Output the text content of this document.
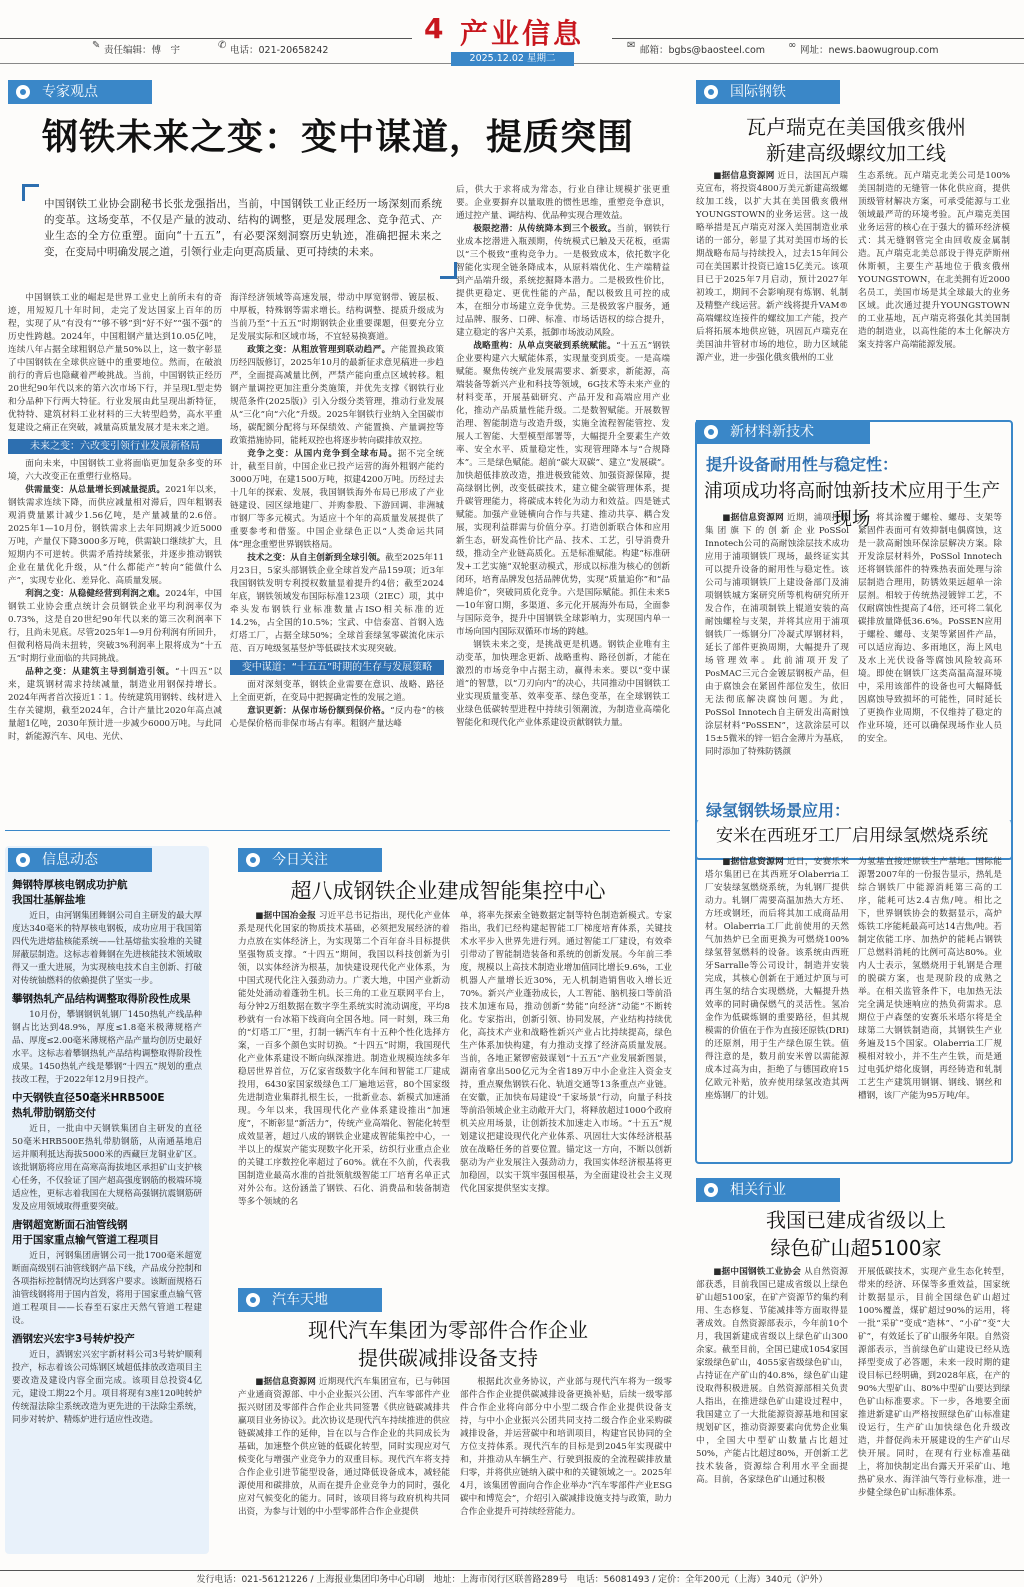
✎ 责任编辑：傅　宇	✆ 电话：021-20658242
4 产业信息
2025.12.02 星期二
✉ 邮箱：bgbs@baosteel.com ∞ 网址：news.baowugroup.com
专家观点
钢铁未来之变：变中谋道，提质突围
中国钢铁工业协会副秘书长张龙强指出，当前，中国钢铁工业正经历一场深刻而系统的变革。这场变革，不仅是产量的波动、结构的调整，更是发展理念、竞争范式、产业生态的全方位重塑。面向“十五五”，有必要深刻洞察历史轨迹，准确把握未来之变，在变局中明确发展之道，引领行业走向更高质量、更可持续的未来。

中国钢铁工业的崛起是世界工业史上前所未有的奇迹，用短短几十年时间，走完了发达国家上百年的历程，实现了从“有没有”“够不够”到“好不好”“强不强”的历史性跨越。2024年，中国粗钢产量达到10.05亿吨，连续八年占据全球粗钢总产量50%以上，这一数字彰显了中国钢铁在全球供应链中的重要地位。然而，在破浪前行的背后也隐藏着严峻挑战。当前，中国钢铁正经历20世纪90年代以来的第六次市场下行，并呈现L型走势和分品种下行两大特征。行业发展由此呈现出新特征，优特特、建筑材料工业材料的三大转型趋势，高水平重复建设之痛正在突破，减量高质量发展才是未来之道。

未来之变：六改变引领行业发展新格局

面向未来，中国钢铁工业将面临更加复杂多变的环境，六大改变正在重塑行业格局。

供需量变：从总量增长到减量提质。2021年以来，钢铁需求连续下降，而供应减量相对滞后，四年粗钢表观消费量累计减少1.56亿吨，是产量减量的2.6倍。2025年1—10月份，钢铁需求上去年同期减少近5000万吨，产量仅下降3000多万吨，供需缺口继续扩大，且短期内不可逆转。供需矛盾持续紧张，并逐步推动钢铁企业在量优化升级，从“什么都能产”转向“能做什么产”，实现专业化、差异化、高质量发展。

利润之变：从稳健经营到利润之难。2024年，中国钢铁工业协会重点统计会员钢铁企业平均利润率仅为0.73%，这是自20世纪90年代以来的第三次利润率下行，且尚未见底。尽管2025年1—9月份利润有所回升，但微利格局尚未扭转，突破3%利润率上限将成为“十五五”时期行业面临的共同挑战。

品种之变：从建筑主导到制造引领。“十四五”以来，建筑钢材需求持续减量，制造业用钢保持增长。2024年两者首次接近1∶1。传统建筑用钢转、线材进入生存关键期，截至2024年，合计产量比2020年高点减量超1亿吨，2030年预计进一步减少6000万吨。与此同时，新能源汽车、风电、光伏、

海洋经济领域等高速发展，带动中厚宽钢带、镀层板、中厚板，特殊钢等需求增长。结构调整、提质升级成为当前乃至“十五五”时期钢铁企业重要课题，但要充分立足发展实际和区域市场，不宜轻易换赛道。

政策之变：从粗放管理到联动趋严。产能置换政策历经四版修订，2025年10月的最新征求意见稿进一步趋严，全面提高减量比例，严禁产能向重点区域转移。粗钢产量调控更加注重分类施策，并优先支撑《钢铁行业规范条件(2025版)》引入分级分类管理，推动行业发展从“三化”向“六化”升级。2025年钢铁行业纳入全国碳市场，碳配额分配将与环保绩效、产能置换、产量调控等政策措施协同，能耗双控也将逐步转向碳排放双控。

竞争之变：从国内竞争到全球布局。据不完全统计，截至目前，中国企业已投产运营的海外粗钢产能约3000万吨，在建1500万吨，拟建4200万吨。历经过去十几年的探索、发展，我国钢铁海外布局已形成了产业链建设、园区绿地建厂、并购参股、下游回调、非洲城市钢厂等多元模式。为适应十个年的高质量发展提供了重要参考和借鉴。中国企业绿色正以“人类命运共同体”理念重塑世界钢铁格局。

技术之变：从自主创新到全球引领。截至2025年11月23日，5家头部钢铁企业全球首发产品159项；近3年我国钢铁发明专利授权数量显着提升约4倍；截至2024年底，钢铁领域发布国际标准123项（2IEC）项，其中牵头发布钢铁行业标准数量占ISO相关标准的近14.2%，占全国的10.5%；宝武、中信泰富、首钢入选灯塔工厂，占据全球50%；全球首套绿氢零碳流化床示范、百万吨级氢基竖炉等低碳技术实现突破。

变中谋道：“十五五”时期的生存与发展策略

面对深刻变革，钢铁企业需要在意识、战略、路径上全面更新，在变局中把握确定性的发展之道。

意识更新：从保市场份额到保价格。“反内卷”的核心是保价格而非保市场占有率。粗钢产量达峰

后，供大于求将成为常态，行业自律让规模扩张更重要。企业要摒弃以量取胜的惯性思维，重塑竞争意识，通过控产量、调结构、优品种实现合理效益。

极限挖潜：从传统降本到三个极致。当前，钢铁行业成本挖潜进入瓶颈期，传统模式已触及天花板，亟需以“三个极致”重构竞争力。一是极致成本，依托数字化智能化实现全链条降成本，从原料端优化、生产端精益到产品端升级，系统挖掘降本潜力。二是极致性价比，提供更稳定、更优性能的产品，配以极致且可控的成本，在细分市场建立竞争优势。三是极致客户服务，通过品牌、服务、口碑、标准、市场话语权的综合提升，建立稳定的客户关系，抵御市场波动风险。

战略重构：从单点突破到系统赋能。“十五五”钢铁企业要构建六大赋能体系，实现量变到质变。一是高端赋能。聚焦传统产业发展需要求、新要求，新能源，高端装备等新兴产业和科技等领域，6G技术等未来产业的材料变革，开展基础研究、产品开发和高端应用产业化，推动产品质量性能升级。二是数智赋能。开展数智治理、智能制造与改造升级，实施全流程智能管控、发展人工智能、大型模型部署等，大幅提升全要素生产效率、安全水平、质量稳定性，实现管理降本与“合规降本”。三是绿色赋能。超前“碳大双碳”、建立“发展碳”。加快超低排放改造，推进极致能效、加强资源保障，提高绿钢比例，改变低碳技术，建立健全碳管理体系，提升碳管理能力，将碳成本转化为动力和效益。四是链式赋能。加强产业链横向合作与共建、推动共享、耦合发展，实现利益群需与价值分享。打造创新联合体和应用新生态，研发高性价比产品、技术、工艺，引导消费升级，推动全产业链高质化。五是标准赋能。构建“标准研发+工艺实施”双轮驱动模式，形成以标准为核心的创新闭环，培育品牌发包括品牌优势，实现“质量追你”和“品牌追价”，突破同质化竞争。六是国际赋能。抓住未来5—10年窗口期，多渠道、多元化开展海外布局，全面参与国际竞争，提升中国钢铁全球影响力，实现国内单一市场向国内国际双循环市场的跨越。

钢铁未来之变，是挑战更是机遇。钢铁企业唯有主动变革，加快理念更新、战略重构、路径创新，才能在激烈的市场竞争中占据主动，赢得未来。要以“变中谋道”的智慧，以“刀刃向内”的决心，共同推动中国钢铁工业实现质量变革、效率变革、绿色变革，在全球钢铁工业绿色低碳转型进程中持续引领潮流，为制造业高端化智能化和现代化产业体系建设贡献钢铁力量。

国际钢铁
瓦卢瑞克在美国俄亥俄州
新建高级螺纹加工线

■据信息资源网 近日，法国瓦卢瑞克宣布，将投资4800万美元新建高级螺纹加工线，以扩大其在美国俄亥俄州YOUNGSTOWN的业务运营。这一战略举措是瓦卢瑞克对深入美国制造业承诺的一部分，彰显了其对美国市场的长期战略布局与持续投入，过去15年间公司在美国累计投资已逾15亿美元。该项目已于2025年7月启动，预计2027年初竣工，期间不会影响现有炼钢、轧制及精整产线运营。新产线将提升VAM®高端螺纹连接件的螺纹加工产能，投产后将拓展本地供应链，巩固瓦卢瑞克在美国油井管材市场的地位，助力区域能源产业，进一步强化俄亥俄州的工业

生态系统。瓦卢瑞克北美公司是100%美国制造的无缝管一体化供应商，提供顶级管材解决方案，可承受能源与工业领域最严苛的环境考验。瓦卢瑞克美国业务运营的核心在于强大的循环经济模式：其无缝钢管完全由回收废金属制造。瓦卢瑞克北美总部设于得克萨斯州休斯顿，主要生产基地位于俄亥俄州YOUNGSTOWN，在北美拥有近2000名员工，美国市场是其全球最大的业务区域。此次通过提升YOUNGSTOWN的工业基地，瓦卢瑞克将强化其美国制造的制造业，以高性能的本土化解决方案支持客户高端能源发展。

新材料新技术
提升设备耐用性与稳定性：
浦项成功将高耐蚀新技术应用于生产现场

■据信息资源网 近期，浦项控股集团旗下的创新企业PoSSol Innotech公司的高耐蚀涂层技术成功应用于浦项钢铁厂现场，最终证实其可以提升设备的耐用性与稳定性。该公司与浦项钢铁厂上建设备部门及浦项钢铁城方案研究所等机构研究所开发合作，在浦项制铁上辊道安装的高耐蚀螺栓与支架，并将其应用于浦项钢铁厂一炼钢分厂冷凝式厚钢材料，延长了部件更换周期，大幅提升了现场管理效率。此前浦项开发了PosMAC三元合金镀层钢板产品，但由于腐蚀会在紧固件部位发生，依旧无法彻底解决腐蚀问题。为此，PoSSol Innotech自主研发出高耐蚀涂层材料“PoSSEN”，这款涂层可以15±5微米的锌一铝合金薄片为基底，同时添加了特殊防锈颜

料，将其涂覆于螺栓、螺母、支架等紧固件表面可有效抑制电偶腐蚀，这是一款高耐蚀环保涂层解决方案。除开发涂层材料外，PoSSol Innotech还将钢铁部件的特殊热表面处理与涂层制造合理用，防锈效果远超单一涂层剂。相较于传统热浸镀锌工艺，不仅耐腐蚀性提高了4倍，还可将二氧化碳排放量降低36.6%。PoSSEN应用于螺栓、螺母、支架等紧固件产品，可以适应海边、多雨地区，海上风电及水上光伏设备等腐蚀风险较高环境。即使在钢铁厂这类高温高湿环境中，采用该部件的设备也可大幅降低因腐蚀导致损坏的可能性，同时延长了更换作业周期，不仅维持了稳定的作业环境，还可以确保现场作业人员的安全。

绿氢钢铁场景应用：
安米在西班牙工厂启用绿氢燃烧系统

■据信息资源网 近日，安赛乐米塔尔集团已在其西班牙Olaberria工厂安装绿氢燃烧系统，为轧钢厂提供动力。轧钢厂需要高温加热大方坯、方坯或钢坯，而后将其加工成商品用材。Olaberria工厂此前使用的天然气加热炉已全面更换为可燃烧100%绿氢替氢燃料的设备。该系统由西班牙Sarralle等公司设计，制造并安装完成，其核心创新在于通过炉顶与可再生氢的结合实现燃烧，大幅提升热效率的同时确保燃气的灵活性。氢冶金作为低碳炼钢的重要路径，但其规模需的价值在于作为直接还原铁(DRI)的还原剂，用于生产绿色原生铁。值得注意的是，数月前安米曾以需能源成本过高为由，拒绝了与德国政府15亿欧元补贴，放弃使用绿氢改造其两座炼钢厂的计划。

为氢基直接还原铁生产基地。国际能源署2007年的一份报告显示，热轧是综合钢铁厂中能源消耗第三高的工序，能耗可达2.4吉焦/吨。相比之下，世界钢铁协会的数据显示，高炉炼铁工序能耗最高可达14吉焦/吨。若制定依能工序、加热炉的能耗占钢铁厂总燃料消耗的比例可高达80%。业内人士表示，氢燃烧用于轧钢是合理的脱碳方案，也是现阶段的成熟之举。在相关监管条件下，电加热无法完全满足快速响应的热负荷需求。息期位于卢森堡的安赛乐米塔尔将是全球第二大钢铁制造商，其钢铁生产业务遍及15个国家。Olaberria工厂规模相对较小，并不生产生铁，而是通过电弧炉熔化废钢，再经铸造和轧制工艺生产建筑用钢钢、钢线、钢丝和槽钢，该厂产能为95万吨/年。

信息动态
舞钢特厚核电钢成功护航
我国壮基解盐堆

近日，由河钢集团舞钢公司自主研发的最大厚度达340毫米的特厚核电钢板，成功应用于我国第四代先进熔盐核能系统——钍基熔盐实验堆的关键屏蔽层制造。这标志着舞钢在先进核能技术领域取得又一重大进展，为实现核电技术自主创新、打破对传统铀燃料的依赖提供了坚实一步。

攀钢热轧产品结构调整取得阶段性成果

10月份，攀钢钢钒轧钢厂1450热轧产线品种钢占比达到48.9%，厚度≤1.8毫米极薄规格产品、厚度≤2.00毫米薄规格产品产量均创历史最好水平。这标志着攀钢热轧产品结构调整取得阶段性成果。1450热轧产线是攀钢“十四五”规划的重点技改工程，于2022年12月9日投产。

中天钢铁直径50毫米HRB500E
热轧带肋钢筋交付

近日，一批由中天钢铁集团自主研发的直径50毫米HRB500E热轧带肋钢筋，从南通基地启运并顺利抵达海拔5000米的西藏巨龙铜业矿区。该批钢筋将应用在高寒高海拔地区承担矿山支护核心任务，不仅验证了国产超高强度钢筋的极端环境适应性，更标志着我国在大规格高强钢抗震钢筋研发及应用领域取得重要突破。

唐钢超宽断面石油管线钢
用于国家重点输气管道工程项目

近日，河钢集团唐钢公司一批1700毫米超宽断面高级别石油管线钢产品下线，产品成分控制和各项指标控制情况均达到客户要求。该断面规格石油管线钢将用于国内首发，将用于国家重点输气管道工程项目——长春至石家庄天然气管道工程建设。

酒钢宏兴宏宇3号转炉投产

近日，酒钢宏兴宏宇新材料公司3号转炉顺利投产，标志着该公司炼钢区域超低排放改造项目主要改造及建设内容全面完成。该项目总投资4亿元，建设工期22个月。项目将现有3座120吨转炉传统湿法除尘系统改造为更先进的干法除尘系统，同步对转炉、精炼炉进行适应性改造。

今日关注
超八成钢铁企业建成智能集控中心

■据中国冶金报 习近平总书记指出，现代化产业体系是现代化国家的物质技术基础，必须把发展经济的着力点放在实体经济上，为实现第二个百年奋斗目标提供坚强物质支撑。“十四五”期间，我国以科技创新为引领，以实体经济为根基，加快建设现代化产业体系，为中国式现代化注入强劲动力。广袤大地，中国产业新动能处处涌动着蓬勃生机。长三角的工业互联网平台上，每分钟2万组数据在数字孪生系统实时流动调度，平均8秒就有一台冰箱下线商向全国各地。同一时刻，珠三角的“灯塔工厂”里，打制一辆汽车有十五种个性化选择方案，一百多个颜色实时切换。“十四五”时期，我国现代化产业体系建设不断向纵深推进。制造业规模连续多年稳居世界首位，万亿家省级数字化车间和智能工厂建成投用，6430家国家级绿色工厂遍地运营，80个国家级先进制造业集群扎根生长，一批新业态、新模式加速涌现。今年以来，我国现代化产业体系建设推出“加速度”，不断彰显“新活力”，传统产业高端化、智能化转型成效显著，超过八成的钢铁企业建成智能集控中心，一半以上的煤炭产能实现数字化开采，纺织行业重点企业的关键工序数控化率超过了60%。就在不久前，代表我国制造业最高水准的首批领航级智能工厂培育名单正式对外公布。这份涵盖了钢铁、石化、消费品和装备制造等多个领域的名

单，将率先探索全链数据定制等特色制造新模式。专家指出，我们已经构建起智能工厂梯度培育体系，关键技术水平步入世界先进行列。通过智能工厂建设，有效牵引带动了智能制造装备和系统的创新发展。今年前三季度，规模以上高技术制造业增加值同比增长9.6%，工业机器人产量增长近30%，无人机制造销售收入增长近70%。新兴产业蓬勃成长，人工智能、脑机接口等前沿技术加速布局，推动创新“势能”向经济“动能”不断转化。专家指出，创新引领、协同发展，产业结构持续优化，高技术产业和战略性新兴产业占比持续提高，绿色生产体系加快构建，有力推动支撑了经济高质量发展。当前，各地正紧锣密鼓谋划“十五五”产业发展新图景，湖南省拿出500亿元为全省189万中小企业注入资金支持，重点聚焦钢铁石化、轨道交通等13条重点产业链。在安徽，正加快布局建设“千家场景”行动，向量子科技等前沿领域企业主动敞开大门，将释放超过1000个政府机关应用场景，让创新技术加速走入市场。“十五五”规划建议把建设现代化产业体系、巩固壮大实体经济根基放在战略任务的首要位置。锚定这一方向，不断以创新驱动为产业发展注入强劲动力，我国实体经济根基将更加稳固，以实干筑牢强国根基，为全面建设社会主义现代化国家提供坚实支撑。

汽车天地
现代汽车集团为零部件合作企业
提供碳减排设备支持

■据信息资源网 近期现代汽车集团宣布，已与韩国产业通商资源部、中小企业振兴公团、汽车零部件产业振兴财团及零部件合作企业共同签署《供应链碳减排共赢项目业务协议》。此次协议是现代汽车持续推进的供应链碳减排工作的延伸，旨在以与合作企业的共同成长为基础，加速整个供应链的低碳化转型，同时实现应对气候变化与增强产业竞争力的双重目标。现代汽车将支持合作企业引进节能型设备，通过降低设备成本，减轻能源使用和碳排放，从而在提升企业竞争力的同时，强化应对气候变化的能力。同时，该项目将与政府机构共同出资，为参与计划的中小型零部件合作企业提供

根据此次业务协议，产业部与现代汽车将为一级零部件合作企业提供碳减排设备更换补贴，后续一级零部件合作企业将向部分中小型二级合作企业提供设备支持，与中小企业振兴公团共同支持二级合作企业采购碳减排设备，并运营碳中和培训项目，构建官民协同的全方位支持体系。现代汽车的目标是到2045年实现碳中和，并推动从车辆生产、行驶到报废的全流程碳排放量归零，并将供应链纳入碳中和的关键领域之一。2025年4月，该集团曾面向合作企业举办“汽车零部件产业ESG碳中和博览会”，介绍引入碳减排设施支持与政策，助力合作企业提升可持续经营能力。

相关行业
我国已建成省级以上
绿色矿山超5100家

■据中国钢铁工业协会 从自然资源部获悉，目前我国已建成省级以上绿色矿山超5100家，在矿产资源节约集约利用、生态修复、节能减排等方面取得显著成效。自然资源部表示，今年前10个月，我国新建成省级以上绿色矿山300余家。截至目前，全国已建成1054家国家级绿色矿山，4055家省级绿色矿山，占持证在产矿山的40.8%，绿色矿山建设取得积极进展。自然资源部相关负责人指出，在推进绿色矿山建设过程中，我国建立了一大批能源资源基地和国家规划矿区，推动资源要素向优势企业集中，全国大中型矿山数量占比超过50%，产能占比超过80%，开创新工艺技术装备，资源综合利用水平全面提高。目前，各家绿色矿山通过积极

开展低碳技术，实现产业生态化转型，带来的经济、环保等多重效益，国家统计数据显示，目前全国绿色矿山超过100%覆盖，煤矿超过90%的运用，将一批“采矿”变成“造林”、“小矿”变“大矿”，有效延长了矿山服务年限。自然资源部表示，当前绿色矿山建设已经从选择型变成了必答题，未来一段时期的建设目标已经明确，到2028年底，在产的90%大型矿山、80%中型矿山要达到绿色矿山标准要求。下一步，各地要全面推进新建矿山严格按照绿色矿山标准建设运行，生产矿山加快绿色化升级改造，并督促尚未开展建设的生产矿山尽快开展。同时，在现有行业标准基础上，将加快制定出台露天开采矿山、地热矿泉水、海洋油气等行业标准，进一步健全绿色矿山标准体系。

发行电话：021-56121226 / 上海报业集团印务中心印刷　地址：上海市闵行区联普路289号　电话：56081493 / 定价：全年200元（上海）340元（沪外）
